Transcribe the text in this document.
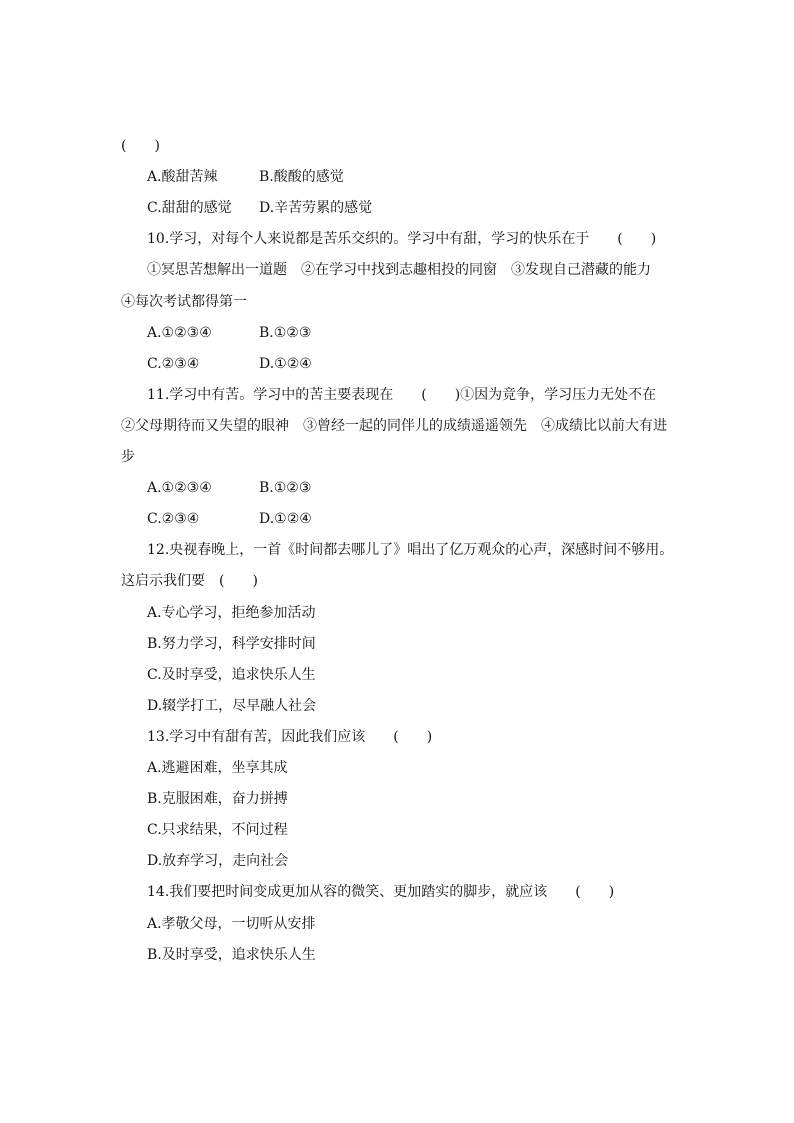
(　　)
A.酸甜苦辣	B.酸酸的感觉
C.甜甜的感觉 D.辛苦劳累的感觉
10.学习，对每个人来说都是苦乐交织的。学习中有甜，学习的快乐在于　　(　　)
①冥思苦想解出一道题　②在学习中找到志趣相投的同窗　③发现自己潜藏的能力
④每次考试都得第一
A.①②③④	B.①②③
C.②③④	D.①②④
11.学习中有苦。学习中的苦主要表现在　　(　　)①因为竞争，学习压力无处不在
②父母期待而又失望的眼神　③曾经一起的同伴儿的成绩遥遥领先　④成绩比以前大有进
步
A.①②③④	B.①②③
C.②③④	D.①②④
12.央视春晚上，一首《时间都去哪儿了》唱出了亿万观众的心声，深感时间不够用。
这启示我们要　(　　)
A.专心学习，拒绝参加活动
B.努力学习，科学安排时间
C.及时享受，追求快乐人生
D.辍学打工，尽早融人社会
13.学习中有甜有苦，因此我们应该　　(　　)
A.逃避困难，坐享其成
B.克服困难，奋力拼搏
C.只求结果，不问过程
D.放弃学习，走向社会
14.我们要把时间变成更加从容的微笑、更加踏实的脚步，就应该　　(　　)
A.孝敬父母，一切听从安排
B.及时享受，追求快乐人生
